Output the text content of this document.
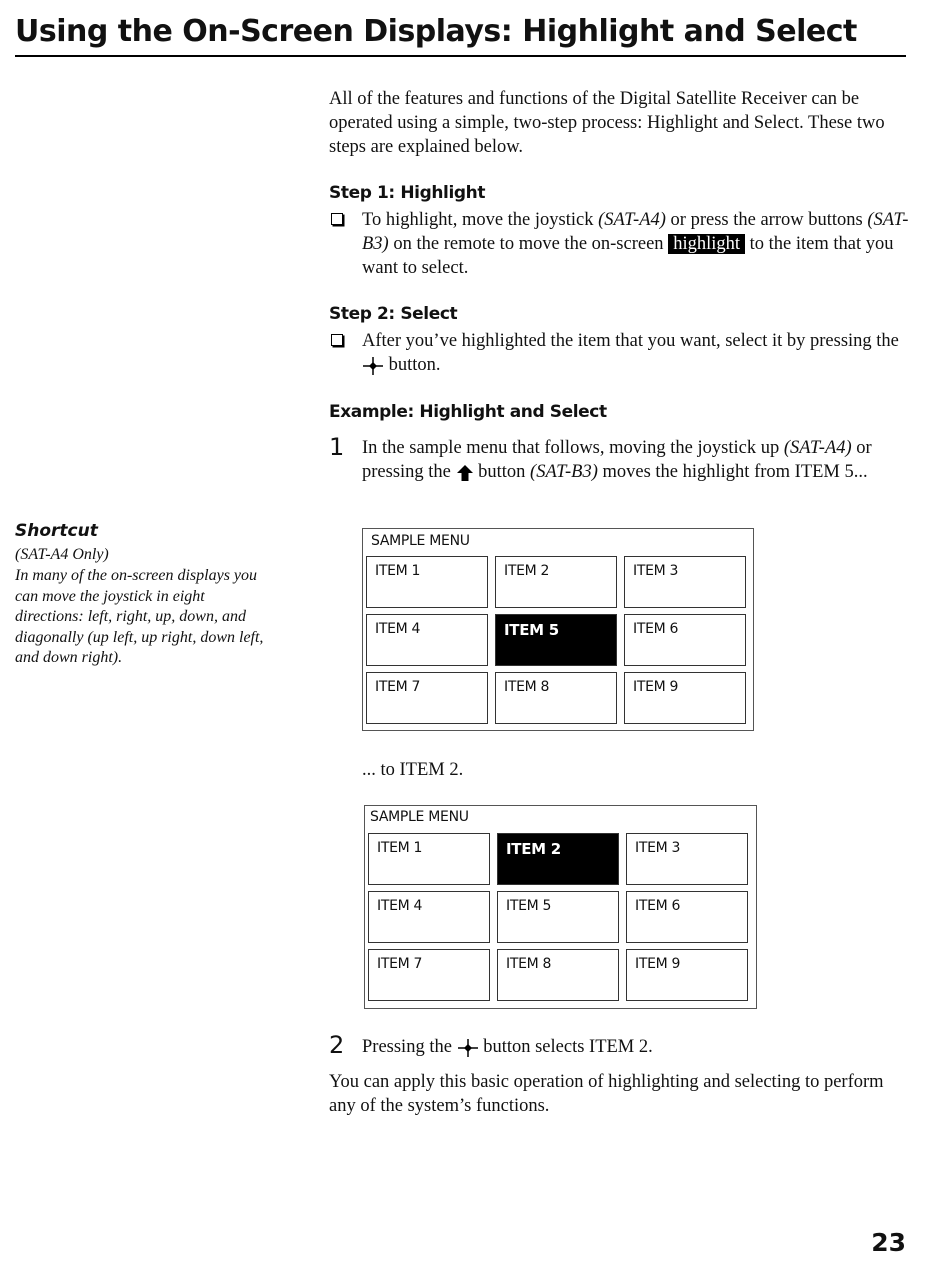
Using the On-Screen Displays: Highlight and Select
All of the features and functions of the Digital Satellite Receiver can be operated using a simple, two-step process: Highlight and Select. These two steps are explained below.
Step 1: Highlight
To highlight, move the joystick (SAT-A4) or press the arrow buttons (SAT-B3) on the remote to move the on-screen highlight to the item that you want to select.
Step 2: Select
After you’ve highlighted the item that you want, select it by pressing the  button.
Example: Highlight and Select
1 In the sample menu that follows, moving the joystick up (SAT-A4) or pressing the  button (SAT-B3) moves the highlight from ITEM 5...
SAMPLE MENU
ITEM 1	ITEM 2	ITEM 3
ITEM 4	ITEM 5	ITEM 6
ITEM 7	ITEM 8	ITEM 9
... to ITEM 2.
SAMPLE MENU
ITEM 1	ITEM 2	ITEM 3
ITEM 4	ITEM 5	ITEM 6
ITEM 7	ITEM 8	ITEM 9
2 Pressing the  button selects ITEM 2.
You can apply this basic operation of highlighting and selecting to perform any of the system’s functions.
Shortcut
(SAT-A4 Only)
In many of the on-screen displays you can move the joystick in eight directions: left, right, up, down, and diagonally (up left, up right, down left, and down right).
23
